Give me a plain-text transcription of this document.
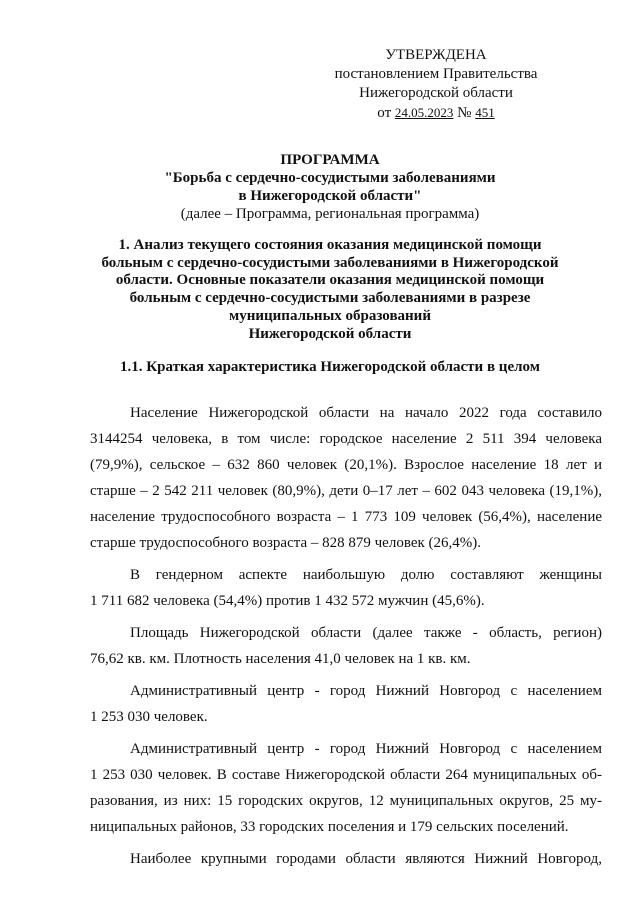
УТВЕРЖДЕНА
постановлением Правительства
Нижегородской области
от 24.05.2023 № 451
ПРОГРАММА
"Борьба с сердечно-сосудистыми заболеваниями
в Нижегородской области"
(далее – Программа, региональная программа)
1. Анализ текущего состояния оказания медицинской помощи
больным с сердечно-сосудистыми заболеваниями в Нижегородской
области. Основные показатели оказания медицинской помощи
больным с сердечно-сосудистыми заболеваниями в разрезе
муниципальных образований
Нижегородской области
1.1. Краткая характеристика Нижегородской области в целом
Население Нижегородской области на начало 2022 года составило
3144254 человека, в том числе: городское население 2 511 394 человека
(79,9%), сельское – 632 860 человек (20,1%). Взрослое население 18 лет и
старше – 2 542 211 человек (80,9%), дети 0–17 лет – 602 043 человека (19,1%),
население трудоспособного возраста – 1 773 109 человек (56,4%), население
старше трудоспособного возраста – 828 879 человек (26,4%).
В гендерном аспекте наибольшую долю составляют женщины
1 711 682 человека (54,4%) против 1 432 572 мужчин (45,6%).
Площадь Нижегородской области (далее также - область, регион)
76,62 кв. км. Плотность населения 41,0 человек на 1 кв. км.
Административный центр - город Нижний Новгород с населением
1 253 030 человек.
Административный центр - город Нижний Новгород с населением
1 253 030 человек. В составе Нижегородской области 264 муниципальных об-
разования, из них: 15 городских округов, 12 муниципальных округов, 25 му-
ниципальных районов, 33 городских поселения и 179 сельских поселений.
Наиболее крупными городами области являются Нижний Новгород,
